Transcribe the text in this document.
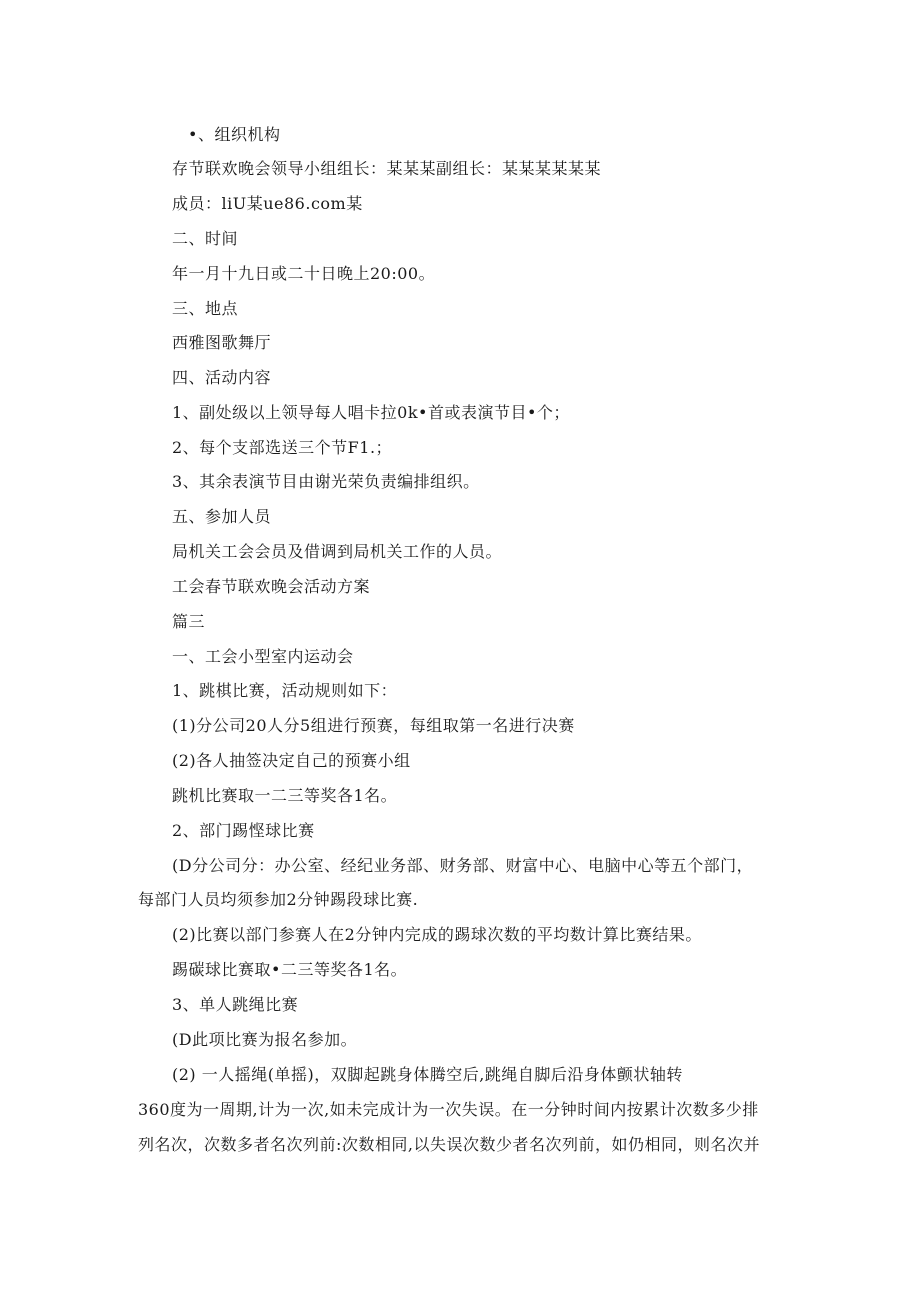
•、组织机构
存节联欢晚会领导小组组长：某某某副组长：某某某某某某
成员：liU某ue86.com某
二、时间
年一月十九日或二十日晚上20:00。
三、地点
西雅图歌舞厅
四、活动内容
1、副处级以上领导每人唱卡拉0k•首或表演节目•个；
2、每个支部选送三个节F1.；
3、其余表演节目由谢光荣负责编排组织。
五、参加人员
局机关工会会员及借调到局机关工作的人员。
工会春节联欢晚会活动方案
篇三
一、工会小型室内运动会
1、跳棋比赛，活动规则如下：
(1)分公司20人分5组进行预赛，每组取第一名进行决赛
(2)各人抽签决定自己的预赛小组
跳机比赛取一二三等奖各1名。
2、部门踢悭球比赛
(D分公司分：办公室、经纪业务部、财务部、财富中心、电脑中心等五个部门，
每部门人员均须参加2分钟踢段球比赛.
(2)比赛以部门参赛人在2分钟内完成的踢球次数的平均数计算比赛结果。
踢碳球比赛取•二三等奖各1名。
3、单人跳绳比赛
(D此项比赛为报名参加。
(2) 一人摇绳(单摇)，双脚起跳身体腾空后,跳绳自脚后沿身体颤状轴转
360度为一周期,计为一次,如未完成计为一次失误。在一分钟时间内按累计次数多少排
列名次，次数多者名次列前:次数相同,以失误次数少者名次列前，如仍相同，则名次并
